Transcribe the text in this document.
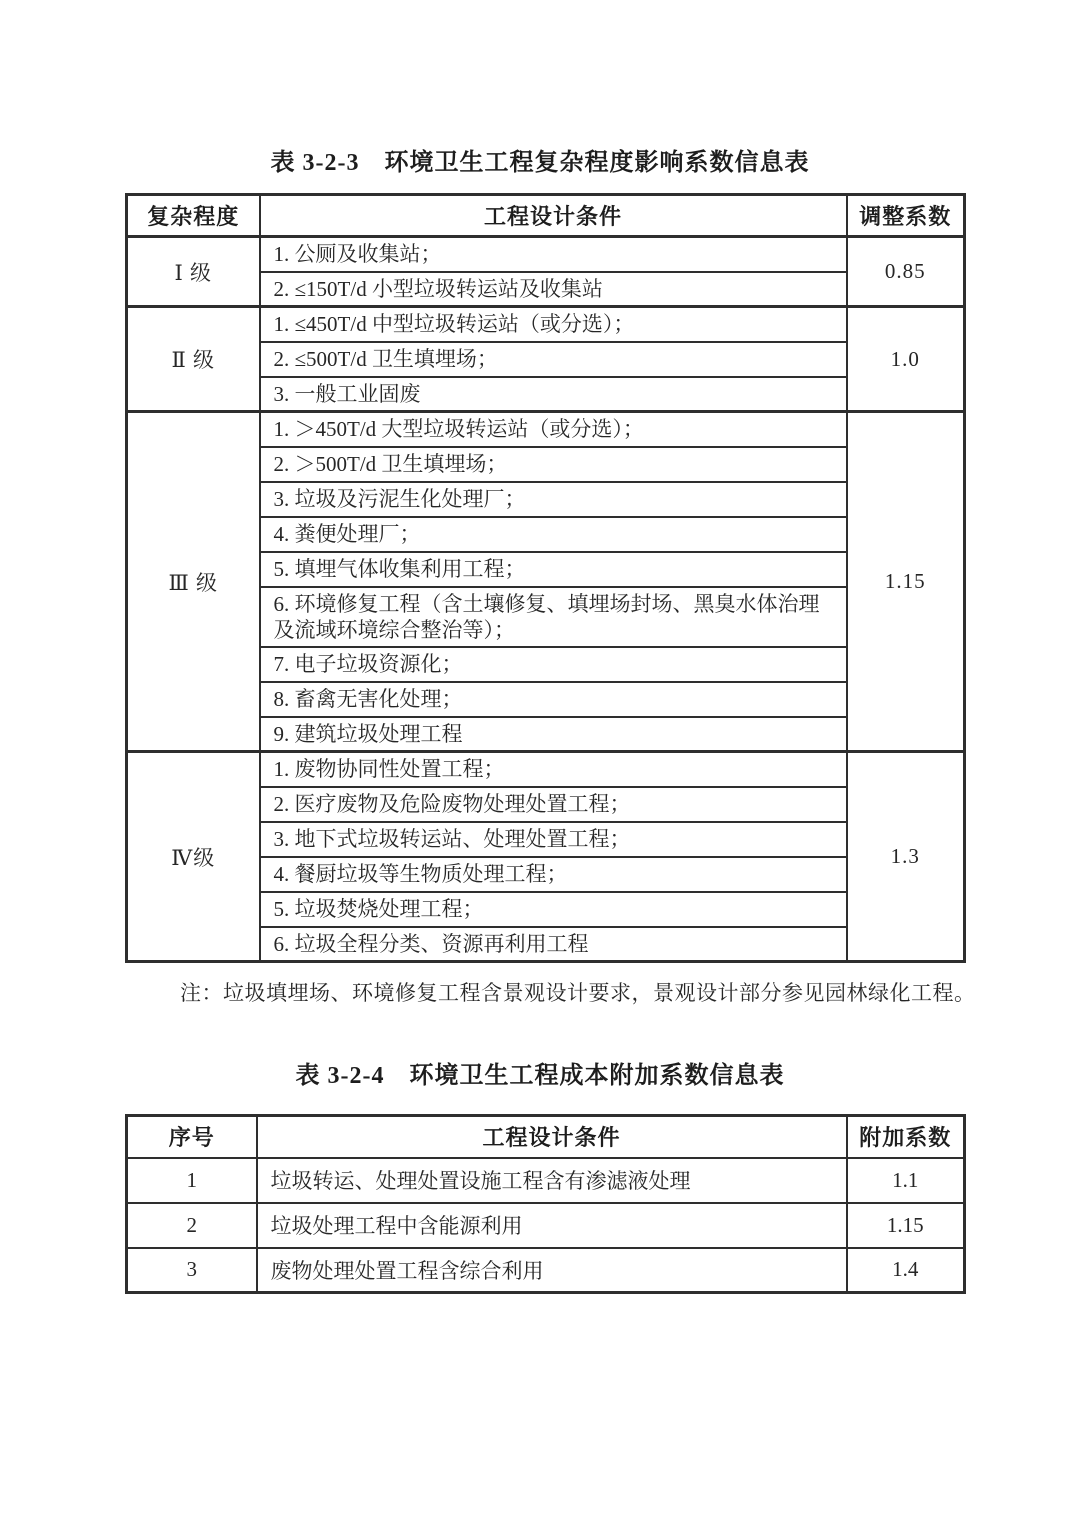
表 3-2-3　环境卫生工程复杂程度影响系数信息表
复杂程度	工程设计条件	调整系数
Ⅰ 级	1. 公厕及收集站；	0.85
	2. ≤150T/d 小型垃圾转运站及收集站	
Ⅱ 级	1. ≤450T/d 中型垃圾转运站（或分选）；	1.0
	2. ≤500T/d 卫生填埋场；	
	3. 一般工业固废	
Ⅲ 级	1. ＞450T/d 大型垃圾转运站（或分选）；	1.15
	2. ＞500T/d 卫生填埋场；	
	3. 垃圾及污泥生化处理厂；	
	4. 粪便处理厂；	
	5. 填埋气体收集利用工程；	
	6. 环境修复工程（含土壤修复、填埋场封场、黑臭水体治理及流域环境综合整治等）；	
	7. 电子垃圾资源化；	
	8. 畜禽无害化处理；	
	9. 建筑垃圾处理工程	
Ⅳ级	1. 废物协同性处置工程；	1.3
	2. 医疗废物及危险废物处理处置工程；	
	3. 地下式垃圾转运站、处理处置工程；	
	4. 餐厨垃圾等生物质处理工程；	
	5. 垃圾焚烧处理工程；	
	6. 垃圾全程分类、资源再利用工程	
注：垃圾填埋场、环境修复工程含景观设计要求，景观设计部分参见园林绿化工程。
表 3-2-4　环境卫生工程成本附加系数信息表
序号	工程设计条件	附加系数
1	垃圾转运、处理处置设施工程含有渗滤液处理	1.1
2	垃圾处理工程中含能源利用	1.15
3	废物处理处置工程含综合利用	1.4
